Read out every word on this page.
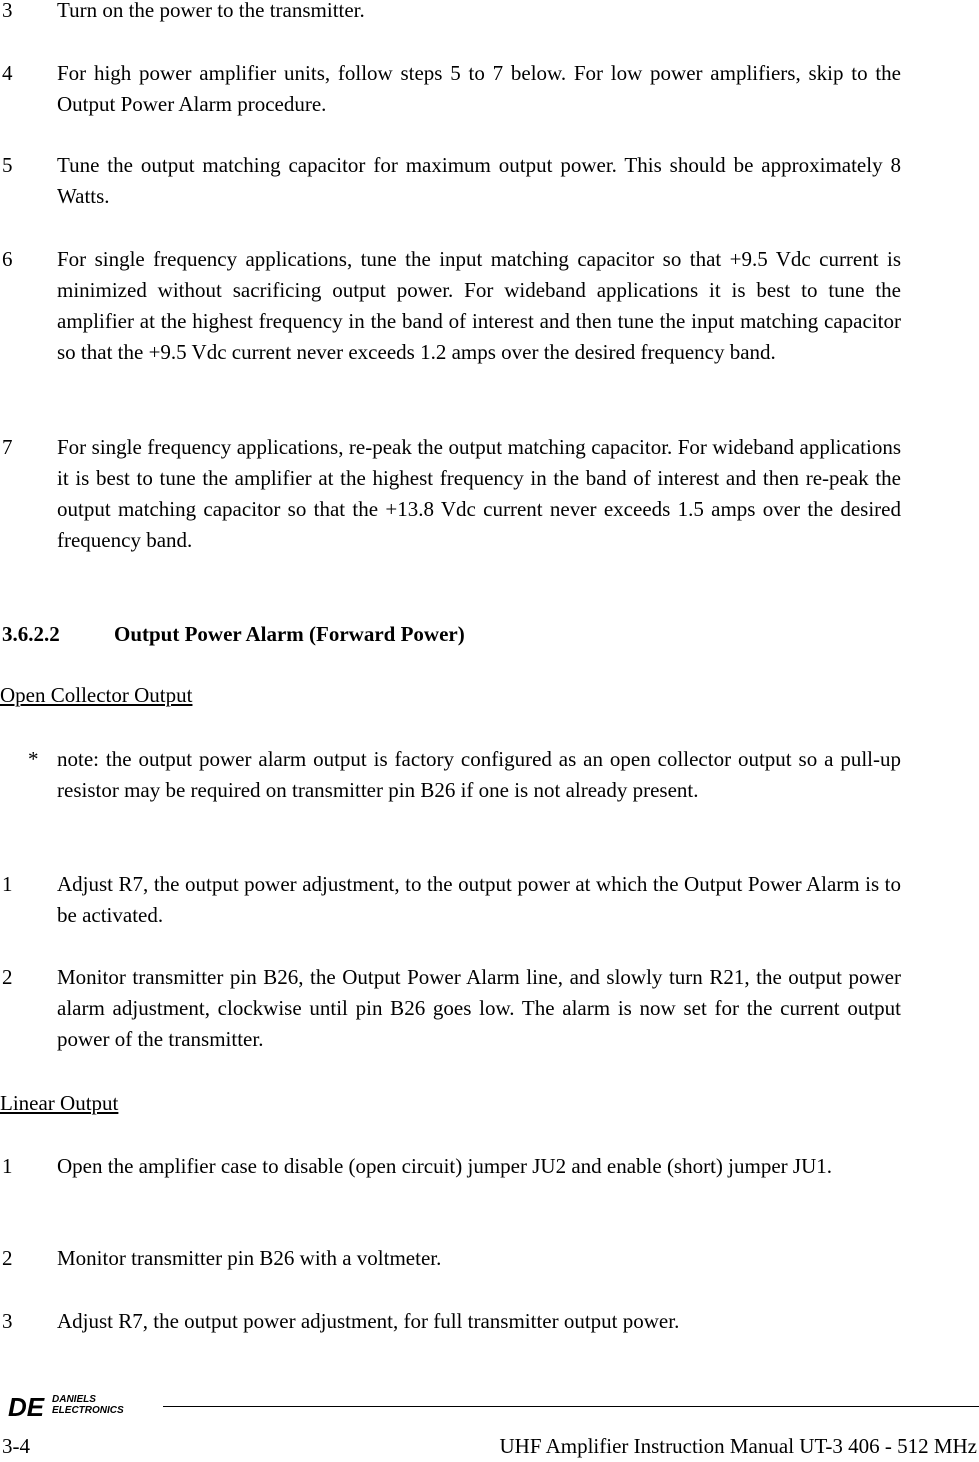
3 Turn on the power to the transmitter.
4 For high power amplifier units, follow steps 5 to 7 below. For low power amplifiers, skip to the Output Power Alarm procedure.
5 Tune the output matching capacitor for maximum output power. This should be approximately 8 Watts.
6 For single frequency applications, tune the input matching capacitor so that +9.5 Vdc current is minimized without sacrificing output power. For wideband applications it is best to tune the amplifier at the highest frequency in the band of interest and then tune the input matching capacitor so that the +9.5 Vdc current never exceeds 1.2 amps over the desired frequency band.
7 For single frequency applications, re-peak the output matching capacitor. For wideband applications it is best to tune the amplifier at the highest frequency in the band of interest and then re-peak the output matching capacitor so that the +13.8 Vdc current never exceeds 1.5 amps over the desired frequency band.
3.6.2.2	Output Power Alarm (Forward Power)
Open Collector Output
* note: the output power alarm output is factory configured as an open collector output so a pull-up resistor may be required on transmitter pin B26 if one is not already present.
1 Adjust R7, the output power adjustment, to the output power at which the Output Power Alarm is to be activated.
2 Monitor transmitter pin B26, the Output Power Alarm line, and slowly turn R21, the output power alarm adjustment, clockwise until pin B26 goes low. The alarm is now set for the current output power of the transmitter.
Linear Output
1 Open the amplifier case to disable (open circuit) jumper JU2 and enable (short) jumper JU1.
2 Monitor transmitter pin B26 with a voltmeter.
3 Adjust R7, the output power adjustment, for full transmitter output power.
DE DANIELS
ELECTRONICS
3-4	UHF Amplifier Instruction Manual UT-3 406 - 512 MHz
